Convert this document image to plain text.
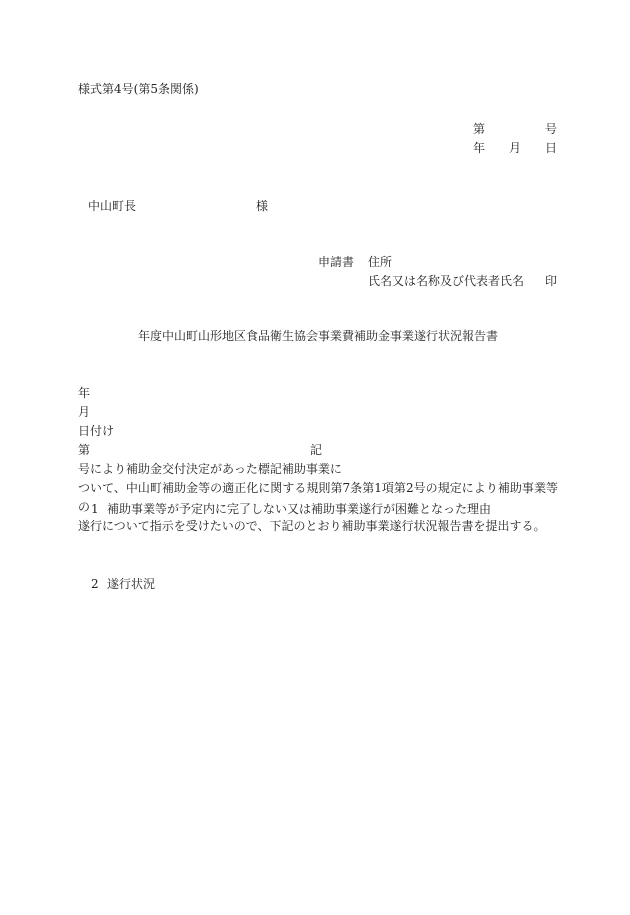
様式第4号(第5条関係)
第	号
年 月 日
中山町長	様
申請書 住所
氏名又は名称及び代表者氏名 印
年度中山町山形地区食品衛生協会事業費補助金事業遂行状況報告書
年
月
日付け
第
号により補助金交付決定があった標記補助事業に
ついて、中山町補助金等の適正化に関する規則第7条第1項第2号の規定により補助事業等の
遂行について指示を受けたいので、下記のとおり補助事業遂行状況報告書を提出する。
記
1 補助事業等が予定内に完了しない又は補助事業遂行が困難となった理由
2 遂行状況
